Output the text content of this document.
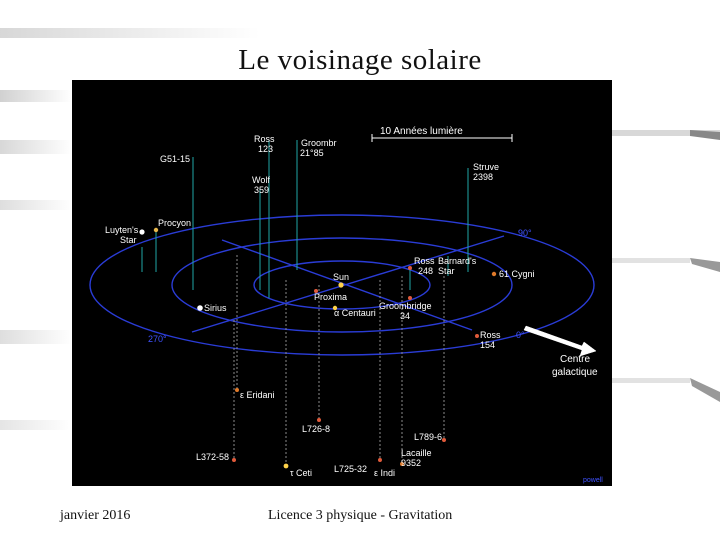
Le voisinage solaire
10 Années lumière
90°
270°	0°
Centre galactique
Ross 123
Groombr 21°85
G51-15
Wolf 359
Luyten's Star
Procyon
Struve 2398
Sun
Proxima
α Centauri
Barnard's Star	61 Cygni
Ross 248
Groombridge 34
Sirius
Ross 154
ε Eridani
L726-8
L789-6
L372-58	Lacaille 9352
τ Ceti L725-32 ε Indi
powell
janvier 2016	Licence 3 physique - Gravitation
